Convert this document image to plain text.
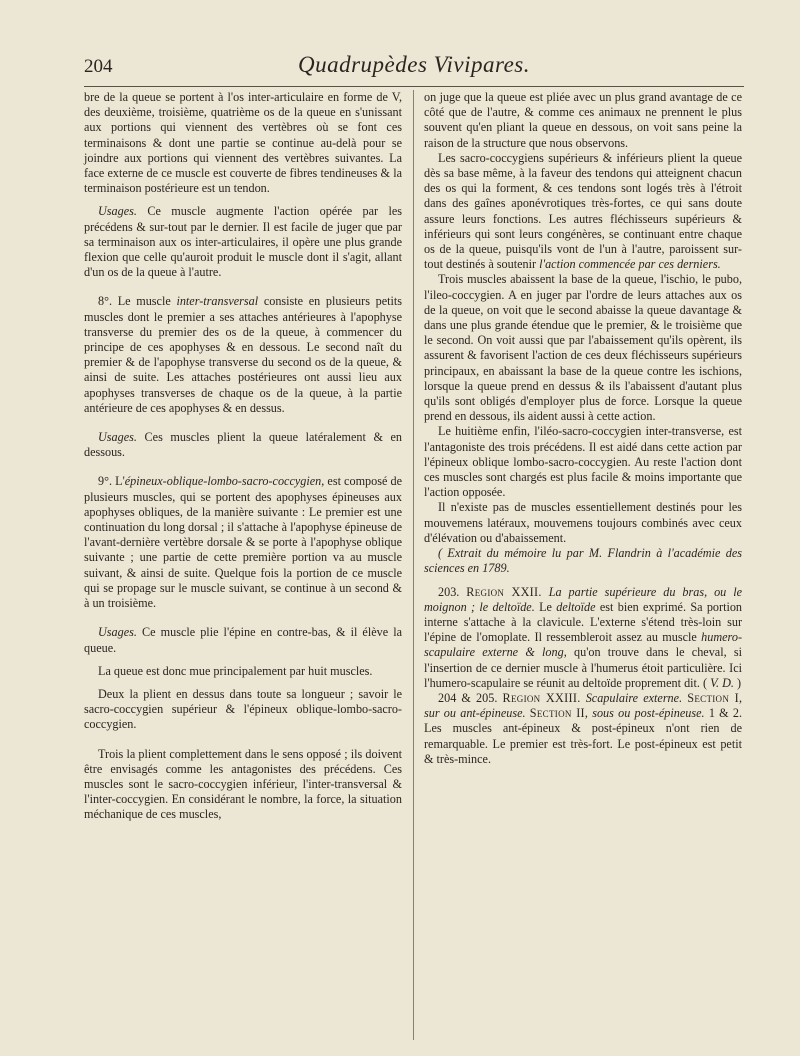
204	Quadrupèdes Vivipares.

bre de la queue se portent à l'os inter-articulaire en forme de V, des deuxième, troisième, quatrième os de la queue en s'unissant aux portions qui viennent des vertèbres où se font ces terminaisons & dont une partie se continue au-delà pour se joindre aux portions qui viennent des vertèbres suivantes. La face externe de ce muscle est couverte de fibres tendineuses & la terminaison postérieure est un tendon.

Usages. Ce muscle augmente l'action opérée par les précédens & sur-tout par le dernier. Il est facile de juger que par sa terminaison aux os inter-articulaires, il opère une plus grande flexion que celle qu'auroit produit le muscle dont il s'agit, allant d'un os de la queue à l'autre.

8°. Le muscle inter-transversal consiste en plusieurs petits muscles dont le premier a ses attaches antérieures à l'apophyse transverse du premier des os de la queue, à commencer du principe de ces apophyses & en dessous. Le second naît du premier & de l'apophyse transverse du second os de la queue, & ainsi de suite. Les attaches postérieures ont aussi lieu aux apophyses transverses de chaque os de la queue, à la partie antérieure de ces apophyses & en dessus.

Usages. Ces muscles plient la queue latéralement & en dessous.

9°. L'épineux-oblique-lombo-sacro-coccygien, est composé de plusieurs muscles, qui se portent des apophyses épineuses aux apophyses obliques, de la manière suivante : Le premier est une continuation du long dorsal ; il s'attache à l'apophyse épineuse de l'avant-dernière vertèbre dorsale & se porte à l'apophyse oblique suivante ; une partie de cette première portion va au muscle suivant, & ainsi de suite. Quelque fois la portion de ce muscle qui se propage sur le muscle suivant, se continue à un second & à un troisième.

Usages. Ce muscle plie l'épine en contre-bas, & il élève la queue.

La queue est donc mue principalement par huit muscles.

Deux la plient en dessus dans toute sa longueur ; savoir le sacro-coccygien supérieur & l'épineux oblique-lombo-sacro-coccygien.

Trois la plient complettement dans le sens opposé ; ils doivent être envisagés comme les antagonistes des précédens. Ces muscles sont le sacro-coccygien inférieur, l'inter-transversal & l'inter-coccygien. En considérant le nombre, la force, la situation méchanique de ces muscles,

on juge que la queue est pliée avec un plus grand avantage de ce côté que de l'autre, & comme ces animaux ne prennent le plus souvent qu'en pliant la queue en dessous, on voit sans peine la raison de la structure que nous observons.

Les sacro-coccygiens supérieurs & inférieurs plient la queue dès sa base même, à la faveur des tendons qui atteignent chacun des os qui la forment, & ces tendons sont logés très à l'étroit dans des gaînes aponévrotiques très-fortes, ce qui sans doute assure leurs fonctions. Les autres fléchisseurs supérieurs & inférieurs qui sont leurs congénères, se continuant entre chaque os de la queue, puisqu'ils vont de l'un à l'autre, paroissent sur-tout destinés à soutenir l'action commencée par ces derniers.

Trois muscles abaissent la base de la queue, l'ischio, le pubo, l'ileo-coccygien. A en juger par l'ordre de leurs attaches aux os de la queue, on voit que le second abaisse la queue davantage & dans une plus grande étendue que le premier, & le troisième que le second. On voit aussi que par l'abaissement qu'ils opèrent, ils assurent & favorisent l'action de ces deux fléchisseurs supérieurs principaux, en abaissant la base de la queue contre les ischions, lorsque la queue prend en dessus & ils l'abaissent d'autant plus qu'ils sont obligés d'employer plus de force. Lorsque la queue prend en dessous, ils aident aussi à cette action.

Le huitième enfin, l'iléo-sacro-coccygien inter-transverse, est l'antagoniste des trois précédens. Il est aidé dans cette action par l'épineux oblique lombo-sacro-coccygien. Au reste l'action dont ces muscles sont chargés est plus facile & moins importante que l'action opposée.

Il n'existe pas de muscles essentiellement destinés pour les mouvemens latéraux, mouvemens toujours combinés avec ceux d'élévation ou d'abaissement.

( Extrait du mémoire lu par M. Flandrin à l'académie des sciences en 1789.

203. Region XXII. La partie supérieure du bras, ou le moignon ; le deltoïde. Le deltoïde est bien exprimé. Sa portion interne s'attache à la clavicule. L'externe s'étend très-loin sur l'épine de l'omoplate. Il ressembleroit assez au muscle humero-scapulaire externe & long, qu'on trouve dans le cheval, si l'insertion de ce dernier muscle à l'humerus étoit particulière. Ici l'humero-scapulaire se réunit au deltoïde proprement dit. ( V. D. )

204 & 205. Region XXIII. Scapulaire externe. Section I, sur ou ant-épineuse. Section II, sous ou post-épineuse. 1 & 2. Les muscles ant-épineux & post-épineux n'ont rien de remarquable. Le premier est très-fort. Le post-épineux est petit & très-mince.
